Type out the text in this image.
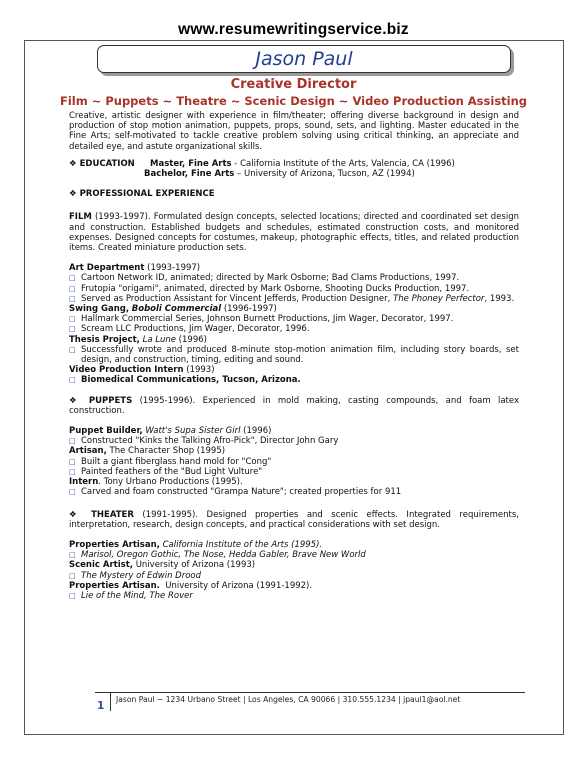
www.resumewritingservice.biz
Jason Paul
Creative Director
Film ~ Puppets ~ Theatre ~ Scenic Design ~ Video Production Assisting

Creative, artistic designer with experience in film/theater; offering diverse background in design and production of stop motion animation, puppets, props, sound, sets, and lighting. Master educated in the Fine Arts; self-motivated to tackle creative problem solving using critical thinking, an appreciate and detailed eye, and astute organizational skills.

❖ EDUCATION	Master, Fine Arts - California Institute of the Arts, Valencia, CA (1996)
Bachelor, Fine Arts – University of Arizona, Tucson, AZ (1994)

❖ PROFESSIONAL EXPERIENCE

FILM (1993-1997). Formulated design concepts, selected locations; directed and coordinated set design and construction. Established budgets and schedules, estimated construction costs, and monitored expenses. Designed concepts for costumes, makeup, photographic effects, titles, and related production items. Created miniature production sets.

Art Department (1993-1997)

□ Cartoon Network ID, animated; directed by Mark Osborne; Bad Clams Productions, 1997.
□ Frutopia "origami", animated, directed by Mark Osborne, Shooting Ducks Production, 1997.
□ Served as Production Assistant for Vincent Jefferds, Production Designer, The Phoney Perfector, 1993.

Swing Gang, Boboli Commercial (1996-1997)

□ Hallmark Commercial Series, Johnson Burnett Productions, Jim Wager, Decorator, 1997.
□ Scream LLC Productions, Jim Wager, Decorator, 1996.

Thesis Project, La Lune (1996)

□ Successfully wrote and produced 8-minute stop-motion animation film, including story boards, set design, and construction, timing, editing and sound.

Video Production Intern (1993)

□ Biomedical Communications, Tucson, Arizona.

❖ PUPPETS (1995-1996). Experienced in mold making, casting compounds, and foam latex construction.

Puppet Builder, Watt's Supa Sister Girl (1996)

□ Constructed "Kinks the Talking Afro-Pick", Director John Gary

Artisan, The Character Shop (1995)

□ Built a giant fiberglass hand mold for "Cong"
□ Painted feathers of the "Bud Light Vulture"

Intern. Tony Urbano Productions (1995).

□ Carved and foam constructed "Grampa Nature"; created properties for 911

❖ THEATER (1991-1995). Designed properties and scenic effects. Integrated requirements, interpretation, research, design concepts, and practical considerations with set design.

Properties Artisan, California Institute of the Arts (1995).

□ Marisol, Oregon Gothic, The Nose, Hedda Gabler, Brave New World

Scenic Artist, University of Arizona (1993)

□ The Mystery of Edwin Drood

Properties Artisan.  University of Arizona (1991-1992).

□ Lie of the Mind, The Rover
1
Jason Paul ~ 1234 Urbano Street | Los Angeles, CA 90066 | 310.555.1234 | jpaul1@aol.net
